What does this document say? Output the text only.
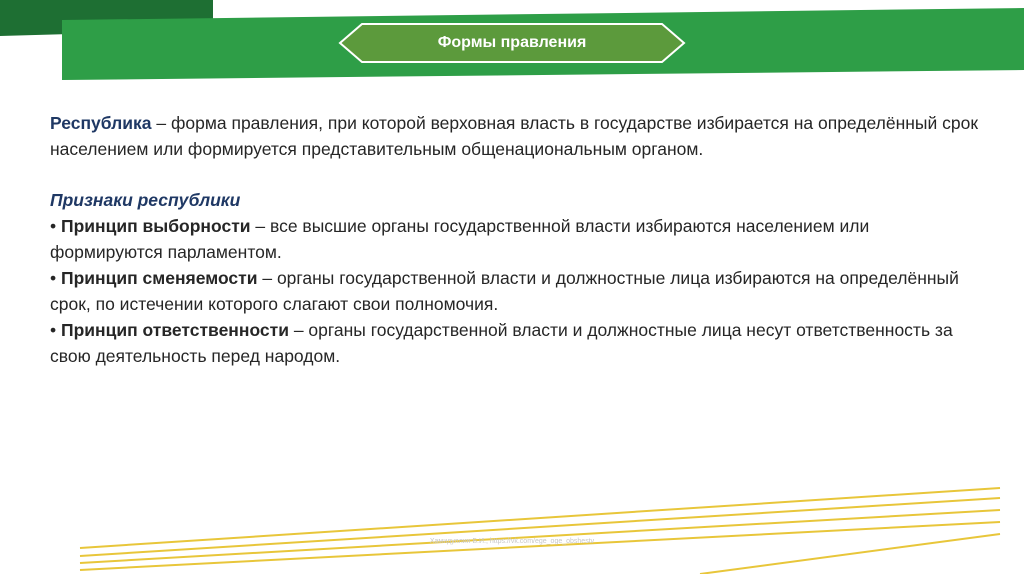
Формы правления

Республика – форма правления, при которой верховная власть в государстве избирается на определённый срок населением или формируется представительным общенациональным органом.

Признаки республики

• Принцип выборности – все высшие органы государственной власти избираются населением или формируются парламентом.

• Принцип сменяемости – органы государственной власти и должностные лица избираются на определённый срок, по истечении которого слагают свои полномочия.

• Принцип ответственности – органы государственной власти и должностные лица несут ответственность за свою деятельность перед народом.

Хамидуллин Б.И., https://vk.com/ege_oge_obshestv
